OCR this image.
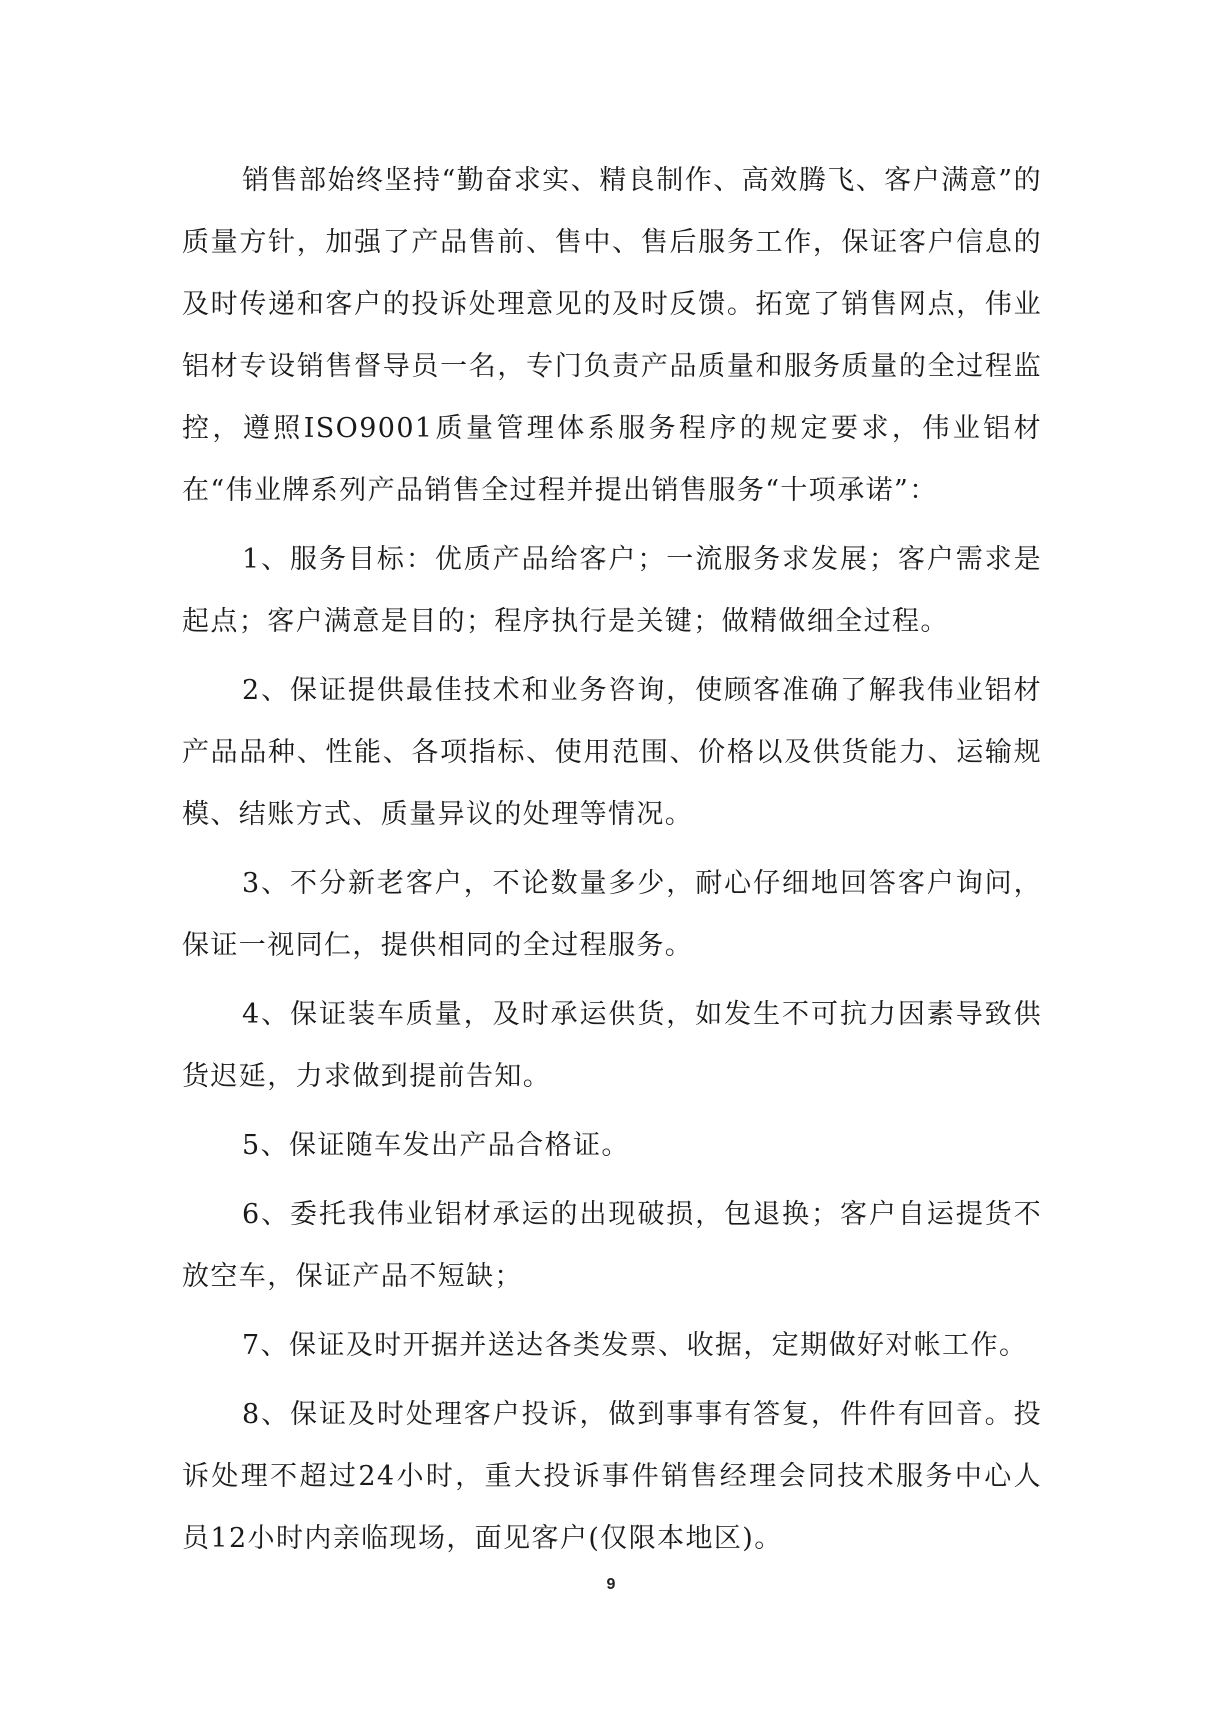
销售部始终坚持“勤奋求实、精良制作、高效腾飞、客户满意”的质量方针，加强了产品售前、售中、售后服务工作，保证客户信息的及时传递和客户的投诉处理意见的及时反馈。拓宽了销售网点，伟业铝材专设销售督导员一名，专门负责产品质量和服务质量的全过程监控，遵照ISO9001质量管理体系服务程序的规定要求，伟业铝材在“伟业牌系列产品销售全过程并提出销售服务“十项承诺”：

1、服务目标：优质产品给客户；一流服务求发展；客户需求是起点；客户满意是目的；程序执行是关键；做精做细全过程。

2、保证提供最佳技术和业务咨询，使顾客准确了解我伟业铝材产品品种、性能、各项指标、使用范围、价格以及供货能力、运输规模、结账方式、质量异议的处理等情况。

3、不分新老客户，不论数量多少，耐心仔细地回答客户询问，保证一视同仁，提供相同的全过程服务。

4、保证装车质量，及时承运供货，如发生不可抗力因素导致供货迟延，力求做到提前告知。

5、保证随车发出产品合格证。

6、委托我伟业铝材承运的出现破损，包退换；客户自运提货不放空车，保证产品不短缺；

7、保证及时开据并送达各类发票、收据，定期做好对帐工作。

8、保证及时处理客户投诉，做到事事有答复，件件有回音。投诉处理不超过24小时，重大投诉事件销售经理会同技术服务中心人员12小时内亲临现场，面见客户(仅限本地区)。

9
